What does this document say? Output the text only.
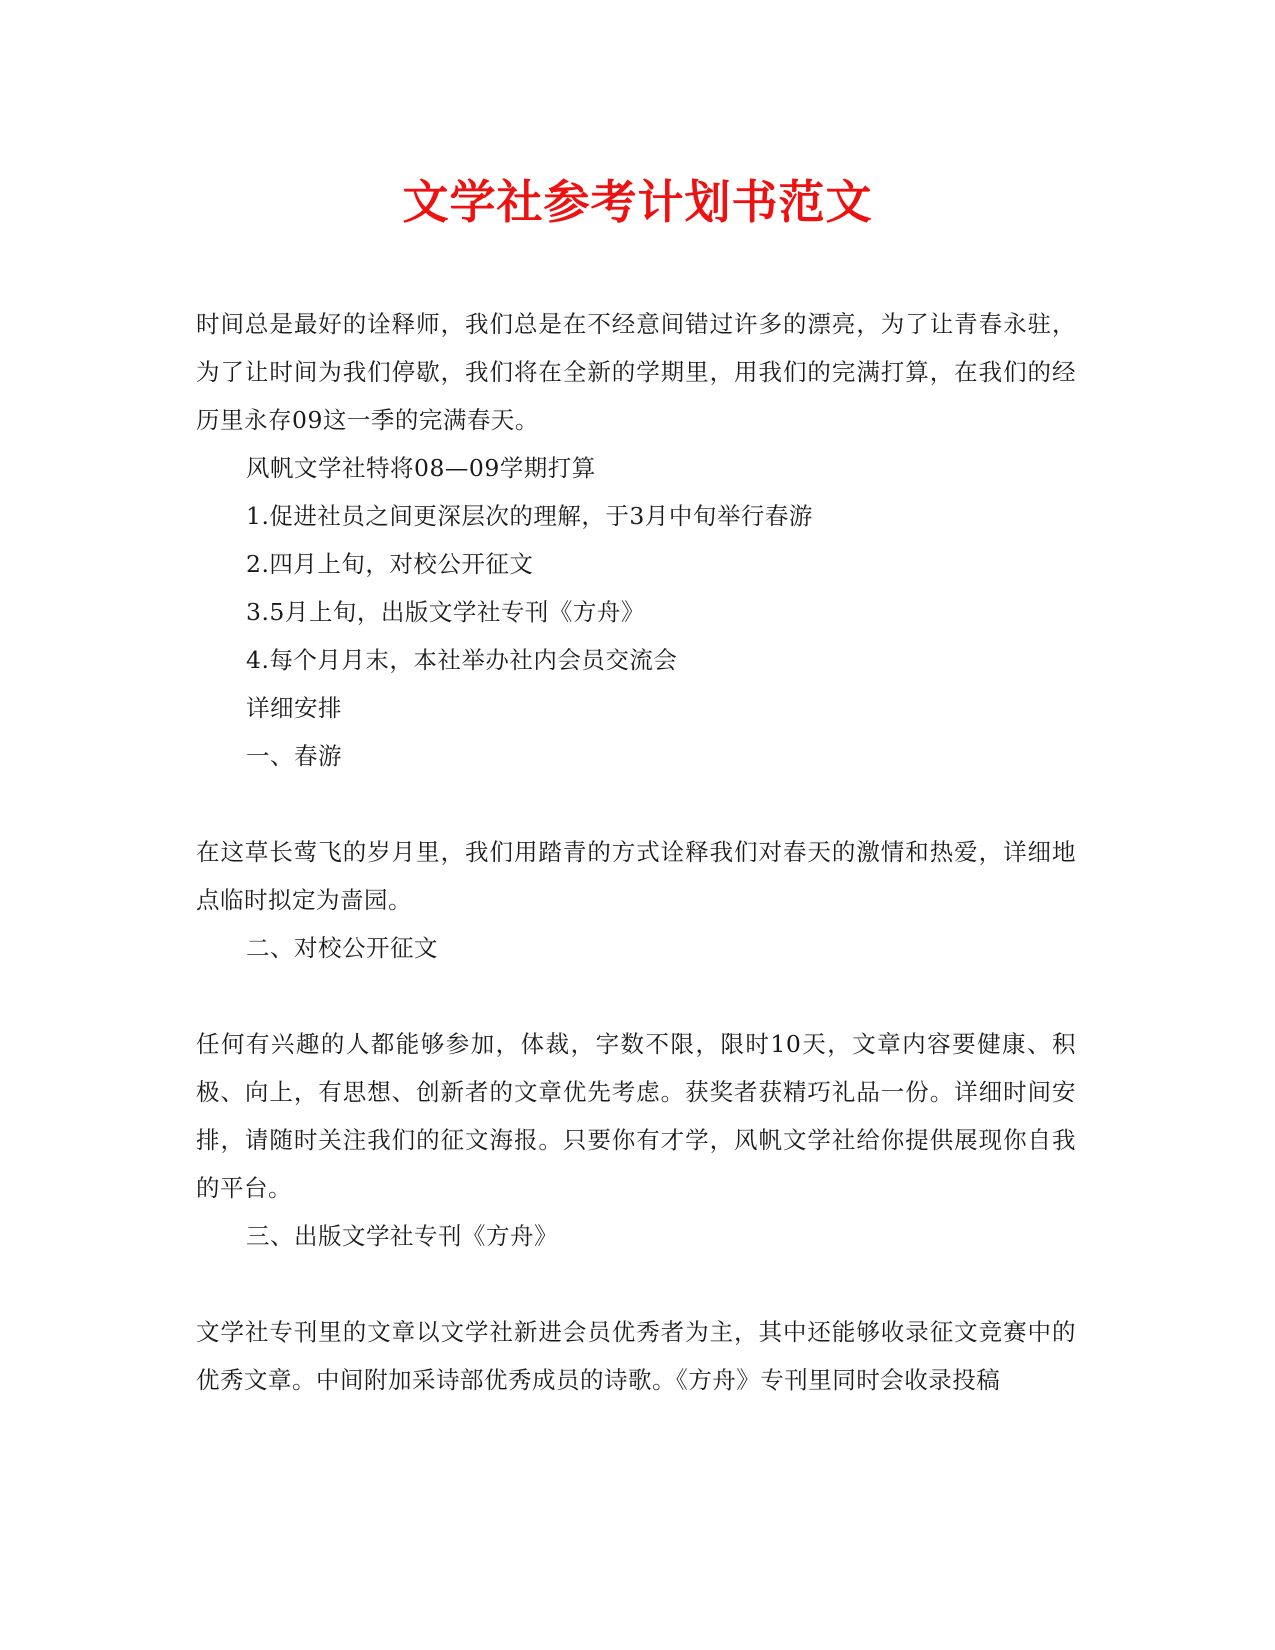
文学社参考计划书范文

时间总是最好的诠释师，我们总是在不经意间错过许多的漂亮，为了让青春永驻，为了让时间为我们停歇，我们将在全新的学期里，用我们的完满打算，在我们的经历里永存09这一季的完满春天。

风帆文学社特将08—09学期打算

1.促进社员之间更深层次的理解，于3月中旬举行春游

2.四月上旬，对校公开征文

3.5月上旬，出版文学社专刊《方舟》

4.每个月月末，本社举办社内会员交流会

详细安排

一、春游

在这草长莺飞的岁月里，我们用踏青的方式诠释我们对春天的激情和热爱，详细地点临时拟定为啬园。

二、对校公开征文

任何有兴趣的人都能够参加，体裁，字数不限，限时10天，文章内容要健康、积极、向上，有思想、创新者的文章优先考虑。获奖者获精巧礼品一份。详细时间安排，请随时关注我们的征文海报。只要你有才学，风帆文学社给你提供展现你自我的平台。

三、出版文学社专刊《方舟》

文学社专刊里的文章以文学社新进会员优秀者为主，其中还能够收录征文竞赛中的优秀文章。中间附加采诗部优秀成员的诗歌。《方舟》专刊里同时会收录投稿
